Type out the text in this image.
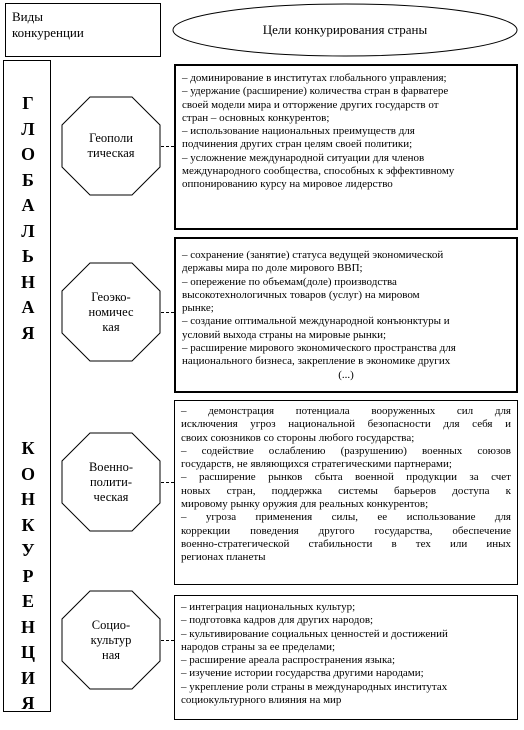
Виды
конкуренции	Цели конкурирования страны
Г
Л
О
Б
А
Л
Ь
Н
А
Я
К
О
Н
К
У
Р
Е
Н
Ц
И
Я
Геополи
тическая
– доминирование в институтах глобального управления;
– удержание (расширение) количества стран в фарватере
своей модели мира и отторжение других государств от
стран – основных конкурентов;
– использование национальных преимуществ для
подчинения других стран целям своей политики;
– усложнение международной ситуации для членов
международного сообщества, способных к эффективному
оппонированию курсу на мировое лидерство
Геоэко-
номичес
кая
– сохранение (занятие) статуса ведущей экономической
державы мира по доле мирового ВВП;
– опережение по объемам(доле) производства
высокотехнологичных товаров (услуг) на мировом
рынке;
– создание оптимальной международной конъюнктуры и
условий выхода страны на мировые рынки;
– расширение мирового экономического пространства для
национального бизнеса, закрепление в экономике других
(...)
Военно-
полити-
ческая
– демонстрация потенциала вооруженных сил для
исключения угроз национальной безопасности для себя и
своих союзников со стороны любого государства;
– содействие ослаблению (разрушению) военных союзов
государств, не являющихся стратегическими партнерами;
– расширение рынков сбыта военной продукции за счет
новых стран, поддержка системы барьеров доступа к
мировому рынку оружия для реальных конкурентов;
– угроза применения силы, ее использование для
коррекции поведения другого государства, обеспечение
военно-стратегической стабильности в тех или иных
регионах планеты
Социо-
культур
ная
– интеграция национальных культур;
– подготовка кадров для других народов;
– культивирование социальных ценностей и достижений
народов страны за ее пределами;
– расширение ареала распространения языка;
– изучение истории государства другими народами;
– укрепление роли страны в международных институтах
социокультурного влияния на мир
